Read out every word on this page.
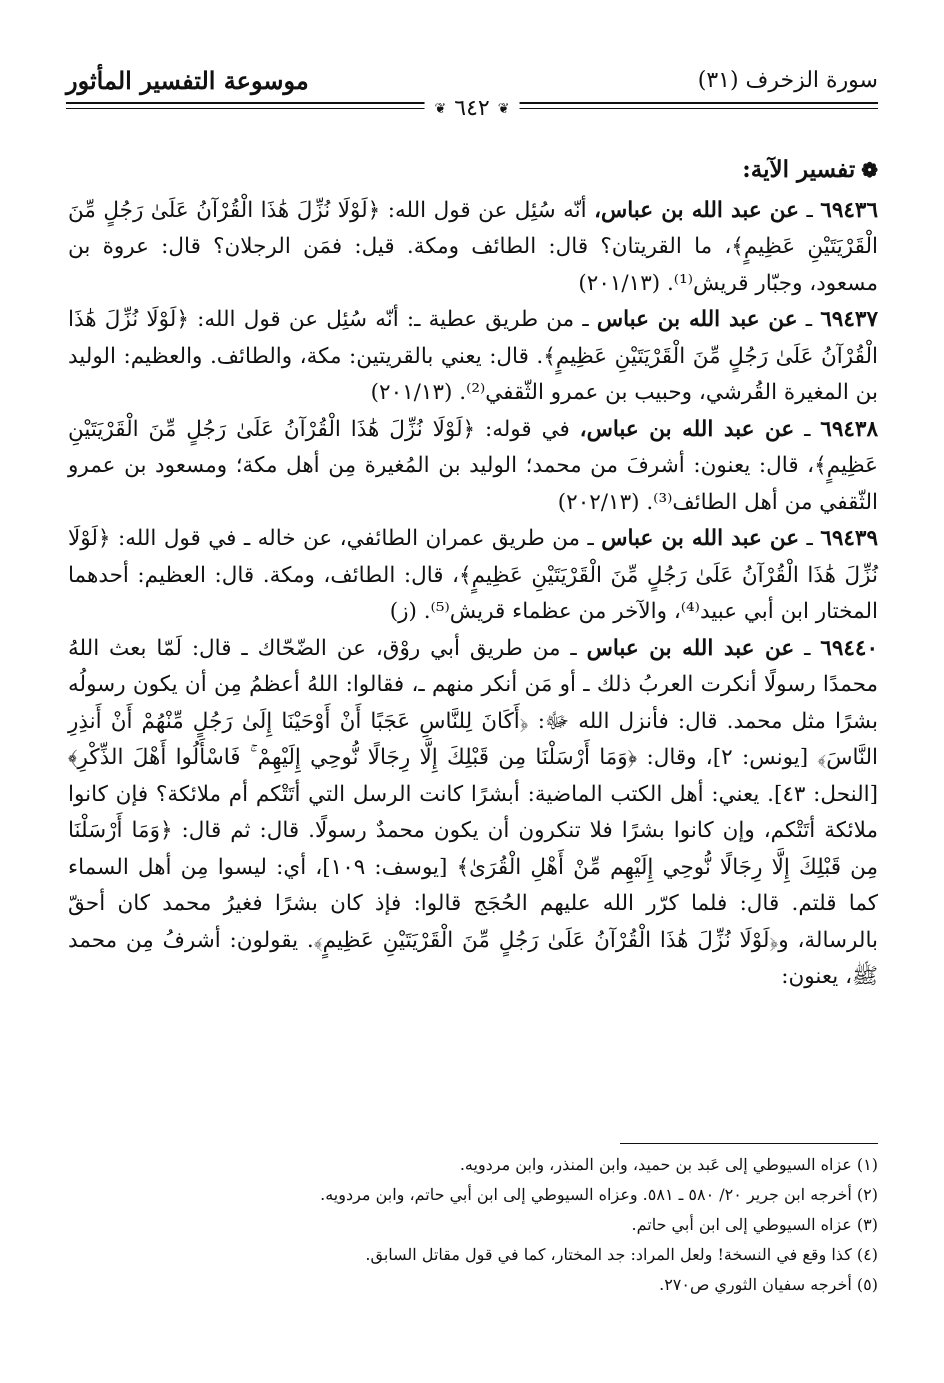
سورة الزخرف (٣١)
موسوعة التفسير المأثور
❦
٦٤٢
❦
❁تفسير الآية:

٦٩٤٣٦ ـ عن عبد الله بن عباس، أنّه سُئِل عن قول الله: ﴿لَوْلَا نُزِّلَ هَٰذَا الْقُرْآنُ عَلَىٰ رَجُلٍ مِّنَ الْقَرْيَتَيْنِ عَظِيمٍ﴾، ما القريتان؟ قال: الطائف ومكة. قيل: فمَن الرجلان؟ قال: عروة بن مسعود، وجبّار قريش⁽¹⁾. (٢٠١/١٣)

٦٩٤٣٧ ـ عن عبد الله بن عباس ـ من طريق عطية ـ: أنّه سُئِل عن قول الله: ﴿لَوْلَا نُزِّلَ هَٰذَا الْقُرْآنُ عَلَىٰ رَجُلٍ مِّنَ الْقَرْيَتَيْنِ عَظِيمٍ﴾. قال: يعني بالقريتين: مكة، والطائف. والعظيم: الوليد بن المغيرة القُرشي، وحبيب بن عمرو الثّقفي⁽²⁾. (٢٠١/١٣)

٦٩٤٣٨ ـ عن عبد الله بن عباس، في قوله: ﴿لَوْلَا نُزِّلَ هَٰذَا الْقُرْآنُ عَلَىٰ رَجُلٍ مِّنَ الْقَرْيَتَيْنِ عَظِيمٍ﴾، قال: يعنون: أشرفَ من محمد؛ الوليد بن المُغيرة مِن أهل مكة؛ ومسعود بن عمرو الثّقفي من أهل الطائف⁽³⁾. (٢٠٢/١٣)

٦٩٤٣٩ ـ عن عبد الله بن عباس ـ من طريق عمران الطائفي، عن خاله ـ في قول الله: ﴿لَوْلَا نُزِّلَ هَٰذَا الْقُرْآنُ عَلَىٰ رَجُلٍ مِّنَ الْقَرْيَتَيْنِ عَظِيمٍ﴾، قال: الطائف، ومكة. قال: العظيم: أحدهما المختار ابن أبي عبيد⁽⁴⁾، والآخر من عظماء قريش⁽⁵⁾. (ز)

٦٩٤٤٠ ـ عن عبد الله بن عباس ـ من طريق أبي روْق، عن الضّحّاك ـ قال: لَمّا بعث اللهُ محمدًا رسولًا أنكرت العربُ ذلك ـ أو مَن أنكر منهم ـ، فقالوا: اللهُ أعظمُ مِن أن يكون رسولُه بشرًا مثل محمد. قال: فأنزل الله ﷻ: ﴿أَكَانَ لِلنَّاسِ عَجَبًا أَنْ أَوْحَيْنَا إِلَىٰ رَجُلٍ مِّنْهُمْ أَنْ أَنذِرِ النَّاسَ﴾ [يونس: ٢]، وقال: ﴿وَمَا أَرْسَلْنَا مِن قَبْلِكَ إِلَّا رِجَالًا نُّوحِي إِلَيْهِمْ ۚ فَاسْأَلُوا أَهْلَ الذِّكْرِ﴾ [النحل: ٤٣]. يعني: أهل الكتب الماضية: أبشرًا كانت الرسل التي أتَتْكم أم ملائكة؟ فإن كانوا ملائكة أتَتْكم، وإن كانوا بشرًا فلا تنكرون أن يكون محمدٌ رسولًا. قال: ثم قال: ﴿وَمَا أَرْسَلْنَا مِن قَبْلِكَ إِلَّا رِجَالًا نُّوحِي إِلَيْهِم مِّنْ أَهْلِ الْقُرَىٰ﴾ [يوسف: ١٠٩]، أي: ليسوا مِن أهل السماء كما قلتم. قال: فلما كرّر الله عليهم الحُجَج قالوا: فإذ كان بشرًا فغيرُ محمد كان أحقّ بالرسالة، و﴿لَوْلَا نُزِّلَ هَٰذَا الْقُرْآنُ عَلَىٰ رَجُلٍ مِّنَ الْقَرْيَتَيْنِ عَظِيمٍ﴾. يقولون: أشرفُ مِن محمد ﷺ، يعنون:

(١) عزاه السيوطي إلى عَبد بن حميد، وابن المنذر، وابن مردويه.

(٢) أخرجه ابن جرير ٢٠/ ٥٨٠ ـ ٥٨١. وعزاه السيوطي إلى ابن أبي حاتم، وابن مردويه.

(٣) عزاه السيوطي إلى ابن أبي حاتم.

(٤) كذا وقع في النسخة! ولعل المراد: جد المختار، كما في قول مقاتل السابق.

(٥) أخرجه سفيان الثوري ص٢٧٠.
